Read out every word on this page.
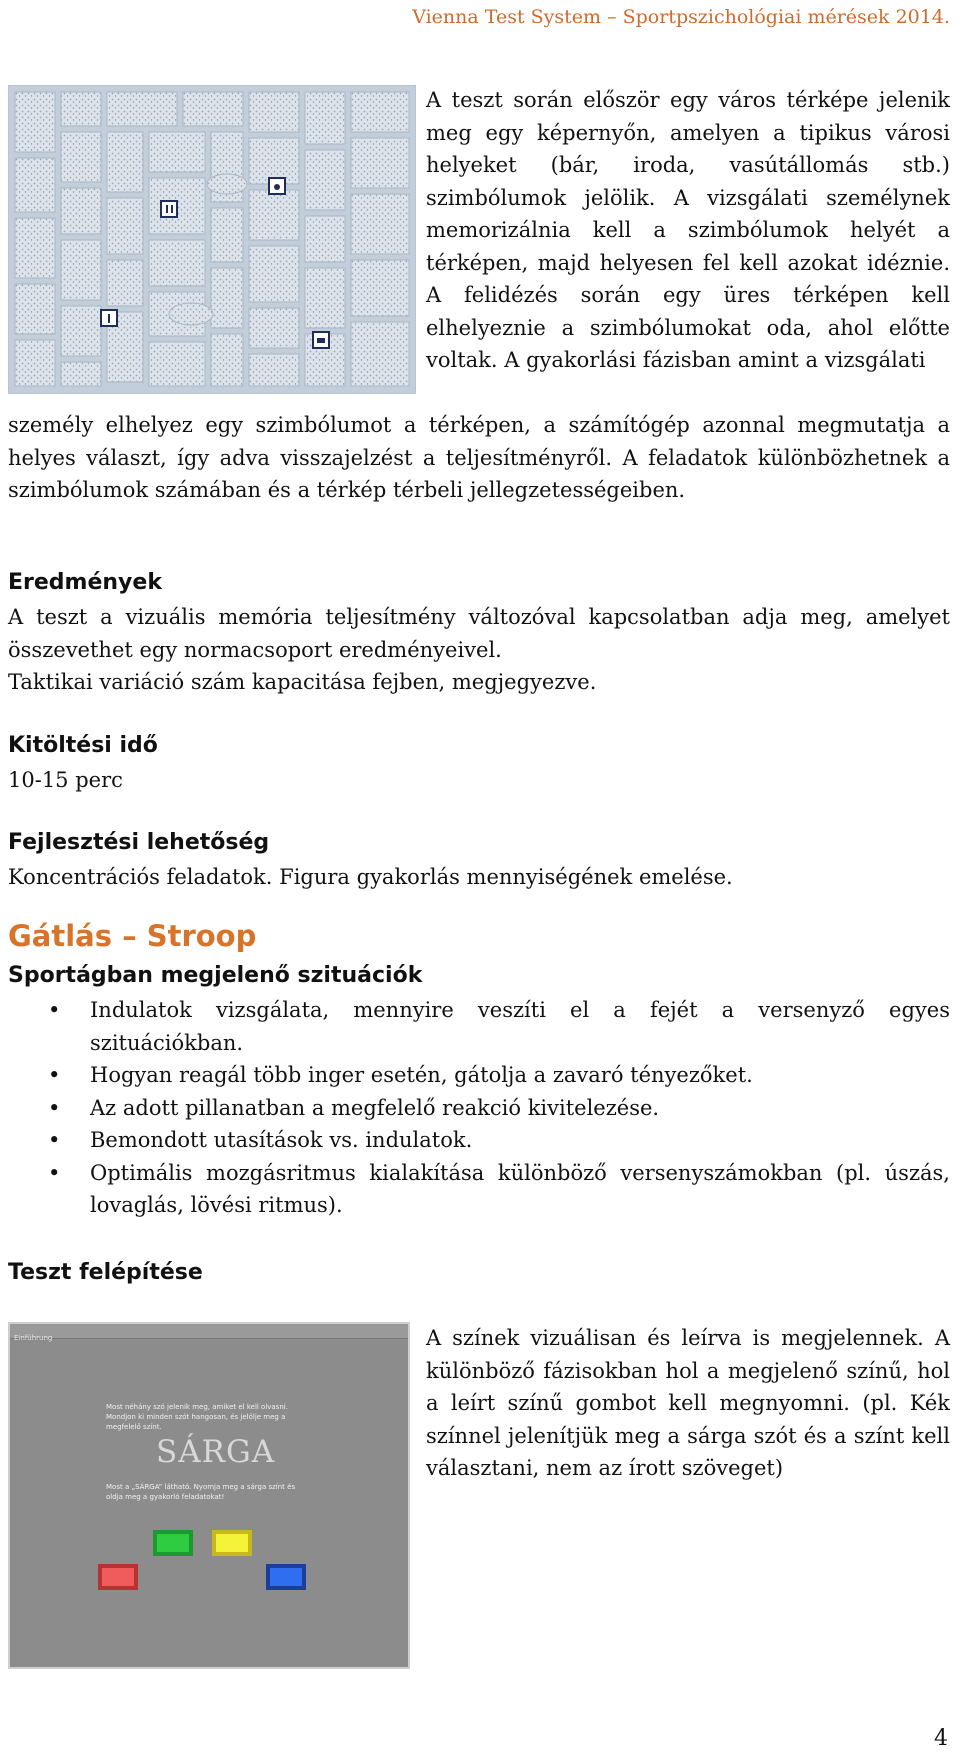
Vienna Test System – Sportpszichológiai mérések 2014.

A teszt során először egy város térképe jelenik meg egy képernyőn, amelyen a tipikus városi helyeket (bár, iroda, vasútállomás stb.) szimbólumok jelölik. A vizsgálati személynek memorizálnia kell a szimbólumok helyét a térképen, majd helyesen fel kell azokat idéznie. A felidézés során egy üres térképen kell elhelyeznie a szimbólumokat oda, ahol előtte voltak. A gyakorlási fázisban amint a vizsgálati

személy elhelyez egy szimbólumot a térképen, a számítógép azonnal megmutatja a helyes választ, így adva visszajelzést a teljesítményről. A feladatok különbözhetnek a szimbólumok számában és a térkép térbeli jellegzetességeiben.

Eredmények

A teszt a vizuális memória teljesítmény változóval kapcsolatban adja meg, amelyet összevethet egy normacsoport eredményeivel.

Taktikai variáció szám kapacitása fejben, megjegyezve.

Kitöltési idő

10-15 perc

Fejlesztési lehetőség

Koncentrációs feladatok. Figura gyakorlás mennyiségének emelése.

Gátlás – Stroop
Sportágban megjelenő szituációk
• Indulatok vizsgálata, mennyire veszíti el a fejét a versenyző egyes szituációkban.
• Hogyan reagál több inger esetén, gátolja a zavaró tényezőket.
• Az adott pillanatban a megfelelő reakció kivitelezése.
• Bemondott utasítások vs. indulatok.
• Optimális mozgásritmus kialakítása különböző versenyszámokban (pl. úszás, lovaglás, lövési ritmus).
Teszt felépítése
Einführung
Most néhány szó jelenik meg, amiket el kell olvasni. Mondjon ki minden szót hangosan, és jelölje meg a megfelelő színt.
SÁRGA
Most a „SÁRGA” látható. Nyomja meg a sárga színt és oldja meg a gyakorló feladatokat!

A színek vizuálisan és leírva is megjelennek. A különböző fázisokban hol a megjelenő színű, hol a leírt színű gombot kell megnyomni. (pl. Kék színnel jelenítjük meg a sárga szót és a színt kell választani, nem az írott szöveget)

4
